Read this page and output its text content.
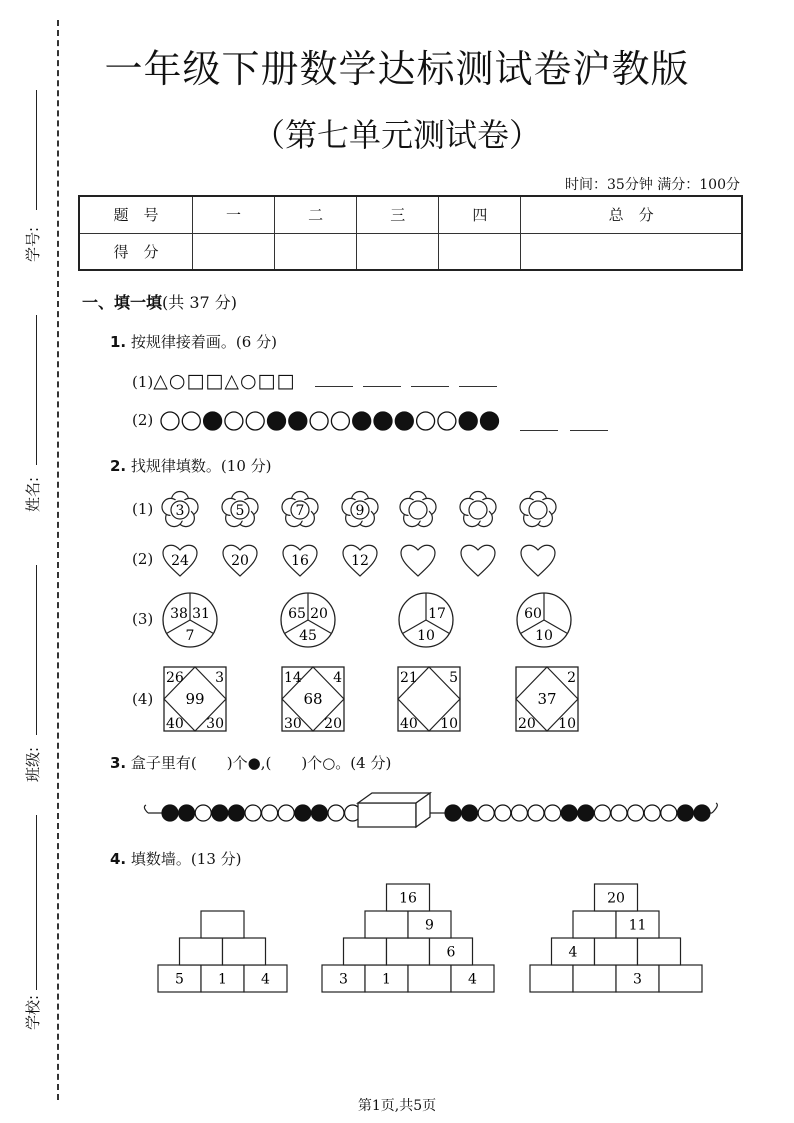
学号:
姓名:
班级:
学校:
一年级下册数学达标测试卷沪教版
（第七单元测试卷）
时间：35分钟 满分：100分
题　号	一	二	三	四	总　分
得　分					
一、填一填(共 37 分)
1. 按规律接着画。(6 分)
(1)△○□□△○□□
(2)
2. 找规律填数。(10 分)
(1) 3	5	7	9
(2) 24	20	16	12
(3) 38 31
7
65 20
45
17
10
60
10
(4)
26 3
40 30
99
14 4
30 20
68
21 5
40 10
2
20 10
37
3. 盒子里有(　　)个●,(　　)个○。(4 分)
4. 填数墙。(13 分)
5 1 4	3 1	4
6
9
16
3
4
11
20
第1页,共5页
